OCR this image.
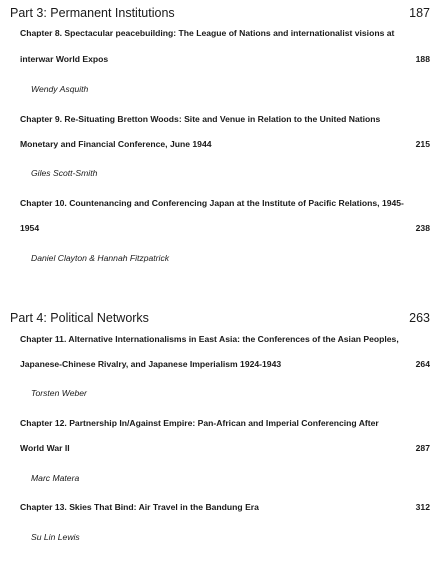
Part 3: Permanent Institutions	187
Chapter 8. Spectacular peacebuilding: The League of Nations and internationalist visions at
interwar World Expos	188
Wendy Asquith
Chapter 9. Re-Situating Bretton Woods: Site and Venue in Relation to the United Nations
Monetary and Financial Conference, June 1944	215
Giles Scott-Smith
Chapter 10. Countenancing and Conferencing Japan at the Institute of Pacific Relations, 1945-
1954	238
Daniel Clayton & Hannah Fitzpatrick
Part 4: Political Networks	263
Chapter 11. Alternative Internationalisms in East Asia: the Conferences of the Asian Peoples,
Japanese-Chinese Rivalry, and Japanese Imperialism 1924-1943	264
Torsten Weber
Chapter 12. Partnership In/Against Empire: Pan-African and Imperial Conferencing After
World War II	287
Marc Matera
Chapter 13. Skies That Bind: Air Travel in the Bandung Era	312
Su Lin Lewis
